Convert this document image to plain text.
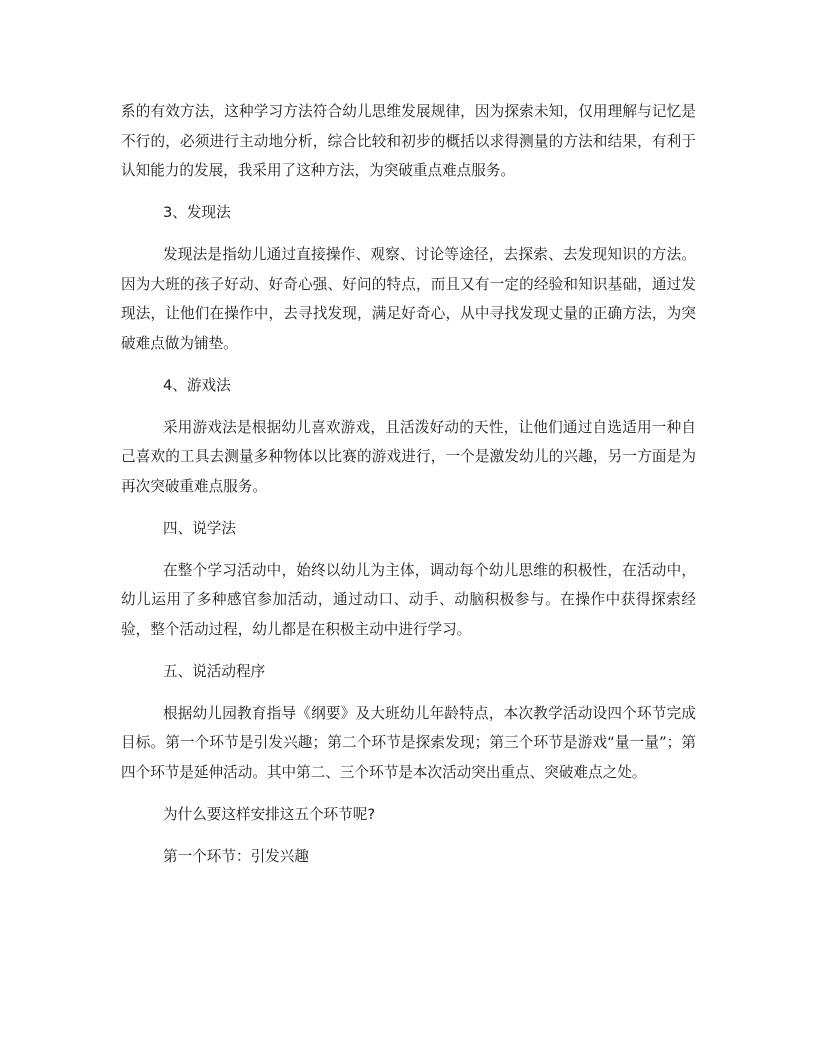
系的有效方法，这种学习方法符合幼儿思维发展规律，因为探索未知，仅用理解与记忆是不行的，必须进行主动地分析，综合比较和初步的概括以求得测量的方法和结果，有利于认知能力的发展，我采用了这种方法，为突破重点难点服务。

3、发现法

发现法是指幼儿通过直接操作、观察、讨论等途径，去探索、去发现知识的方法。因为大班的孩子好动、好奇心强、好问的特点，而且又有一定的经验和知识基础，通过发现法，让他们在操作中，去寻找发现，满足好奇心，从中寻找发现丈量的正确方法，为突破难点做为铺垫。

4、游戏法

采用游戏法是根据幼儿喜欢游戏，且活泼好动的天性，让他们通过自选适用一种自己喜欢的工具去测量多种物体以比赛的游戏进行，一个是激发幼儿的兴趣，另一方面是为再次突破重难点服务。

四、说学法

在整个学习活动中，始终以幼儿为主体，调动每个幼儿思维的积极性，在活动中，幼儿运用了多种感官参加活动，通过动口、动手、动脑积极参与。在操作中获得探索经验，整个活动过程，幼儿都是在积极主动中进行学习。

五、说活动程序

根据幼儿园教育指导《纲要》及大班幼儿年龄特点，本次教学活动设四个环节完成目标。第一个环节是引发兴趣；第二个环节是探索发现；第三个环节是游戏“量一量”；第四个环节是延伸活动。其中第二、三个环节是本次活动突出重点、突破难点之处。

为什么要这样安排这五个环节呢?

第一个环节：引发兴趣
